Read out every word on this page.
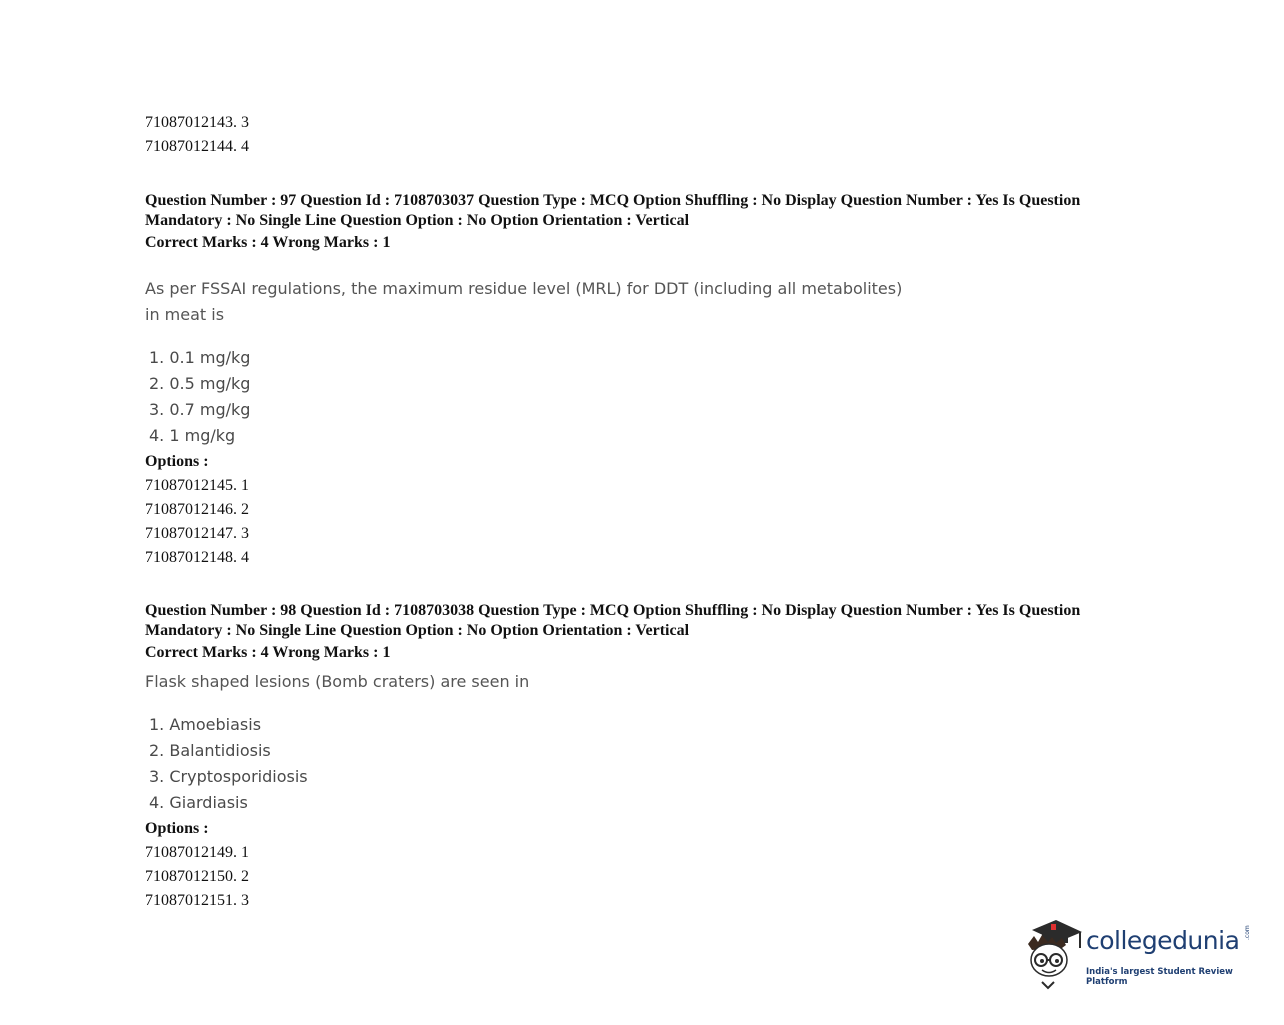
71087012143. 3
71087012144. 4
Question Number : 97 Question Id : 7108703037 Question Type : MCQ Option Shuffling : No Display Question Number : Yes Is Question Mandatory : No Single Line Question Option : No Option Orientation : Vertical
Correct Marks : 4 Wrong Marks : 1
As per FSSAI regulations, the maximum residue level (MRL) for DDT (including all metabolites)
in meat is
1. 0.1 mg/kg
2. 0.5 mg/kg
3. 0.7 mg/kg
4. 1 mg/kg
Options :
71087012145. 1
71087012146. 2
71087012147. 3
71087012148. 4
Question Number : 98 Question Id : 7108703038 Question Type : MCQ Option Shuffling : No Display Question Number : Yes Is Question Mandatory : No Single Line Question Option : No Option Orientation : Vertical
Correct Marks : 4 Wrong Marks : 1
Flask shaped lesions (Bomb craters) are seen in
1. Amoebiasis
2. Balantidiosis
3. Cryptosporidiosis
4. Giardiasis
Options :
71087012149. 1
71087012150. 2
71087012151. 3
collegedunia .com
India's largest Student Review Platform
